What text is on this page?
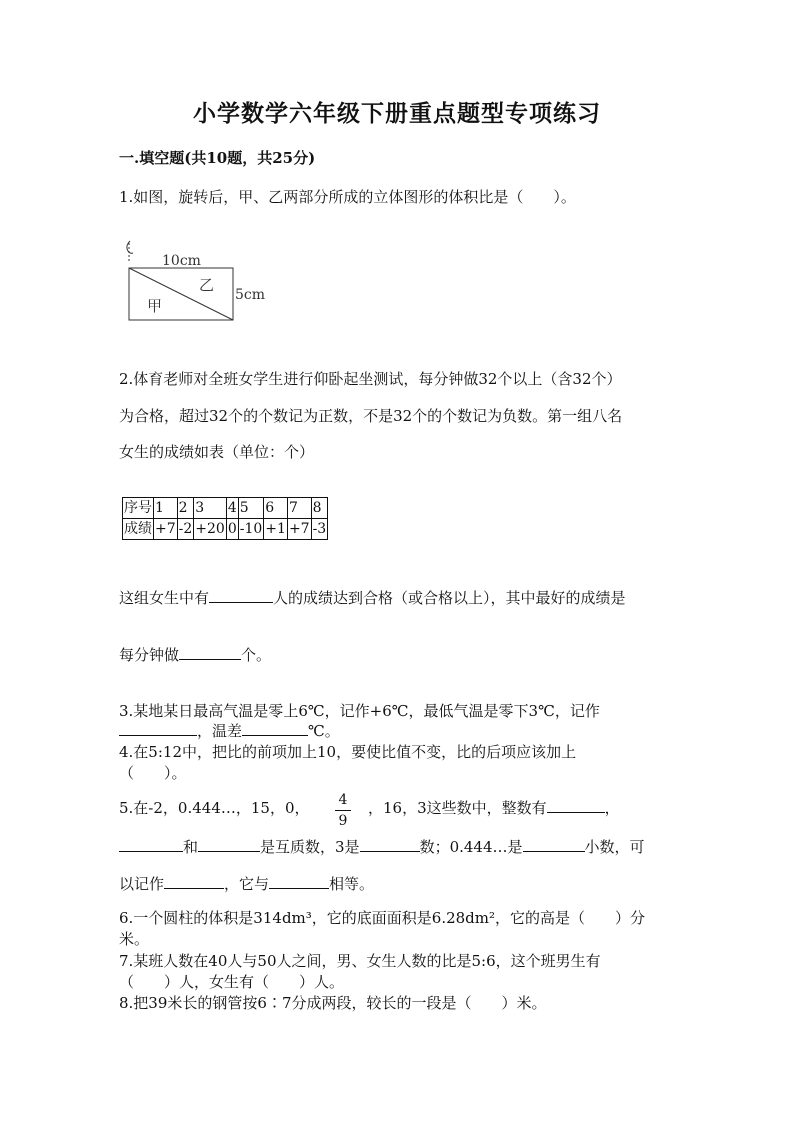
小学数学六年级下册重点题型专项练习
一.填空题(共10题，共25分)
1.如图，旋转后，甲、乙两部分所成的立体图形的体积比是（　　）。
10cm
5cm
乙
甲
2.体育老师对全班女学生进行仰卧起坐测试，每分钟做32个以上（含32个）
为合格，超过32个的个数记为正数，不是32个的个数记为负数。第一组八名
女生的成绩如表（单位：个）
序号	1	2	3	4	5	6	7	8
成绩	+7	-2	+20	0	-10	+1	+7	-3
这组女生中有	人的成绩达到合格（或合格以上），其中最好的成绩是
每分钟做	个。
3.某地某日最高气温是零上6℃，记作+6℃，最低气温是零下3℃，记作
，温差	℃。
4.在5:12中，把比的前项加上10，要使比值不变，比的后项应该加上
（　　）。
5.在-2，0.444…，15，0， 4
9
，16，3这些数中，整数有	，
和	是互质数，3是	数；0.444…是	小数，可
以记作	，它与	相等。
6.一个圆柱的体积是314dm³，它的底面面积是6.28dm²，它的高是（　　）分
米。
7.某班人数在40人与50人之间，男、女生人数的比是5:6，这个班男生有
（　　）人，女生有（　　）人。
8.把39米长的钢管按6∶7分成两段，较长的一段是（　　）米。
